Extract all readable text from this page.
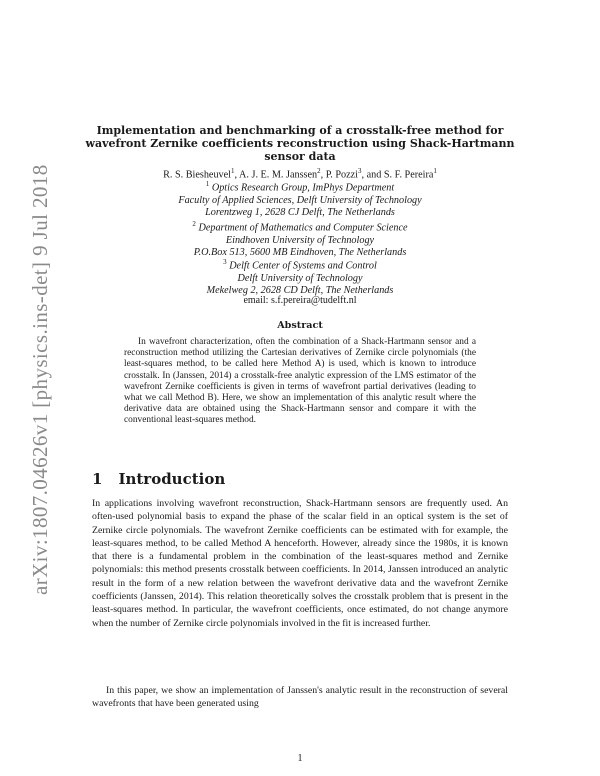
arXiv:1807.04626v1 [physics.ins-det] 9 Jul 2018
Implementation and benchmarking of a crosstalk-free method for wavefront Zernike coefficients reconstruction using Shack-Hartmann sensor data
R. S. Biesheuvel$^1$, A. J. E. M. Janssen$^2$, P. Pozzi$^3$, and S. F. Pereira$^1$
$^1$ Optics Research Group, ImPhys Department
Faculty of Applied Sciences, Delft University of Technology
Lorentzweg 1, 2628 CJ Delft, The Netherlands
$^2$ Department of Mathematics and Computer Science
Eindhoven University of Technology
P.O.Box 513, 5600 MB Eindhoven, The Netherlands
$^3$ Delft Center of Systems and Control
Delft University of Technology
Mekelweg 2, 2628 CD Delft, The Netherlands
email: s.f.pereira@tudelft.nl
Abstract
In wavefront characterization, often the combination of a Shack-Hartmann sensor and a reconstruction method utilizing the Cartesian derivatives of Zernike circle polynomials (the least-squares method, to be called here Method A) is used, which is known to introduce crosstalk. In (Janssen, 2014) a crosstalk-free analytic expression of the LMS estimator of the wavefront Zernike coefficients is given in terms of wavefront partial derivatives (leading to what we call Method B). Here, we show an implementation of this analytic result where the derivative data are obtained using the Shack-Hartmann sensor and compare it with the conventional least-squares method.
1 Introduction
In applications involving wavefront reconstruction, Shack-Hartmann sensors are frequently used. An often-used polynomial basis to expand the phase of the scalar field in an optical system is the set of Zernike circle polynomials. The wavefront Zernike coefficients can be estimated with for example, the least-squares method, to be called Method A henceforth. However, already since the 1980s, it is known that there is a fundamental problem in the combination of the least-squares method and Zernike polynomials: this method presents crosstalk between coefficients. In 2014, Janssen introduced an analytic result in the form of a new relation between the wavefront derivative data and the wavefront Zernike coefficients (Janssen, 2014). This relation theoretically solves the crosstalk problem that is present in the least-squares method. In particular, the wavefront coefficients, once estimated, do not change anymore when the number of Zernike circle polynomials involved in the fit is increased further.
In this paper, we show an implementation of Janssen's analytic result in the reconstruction of several wavefronts that have been generated using
1
